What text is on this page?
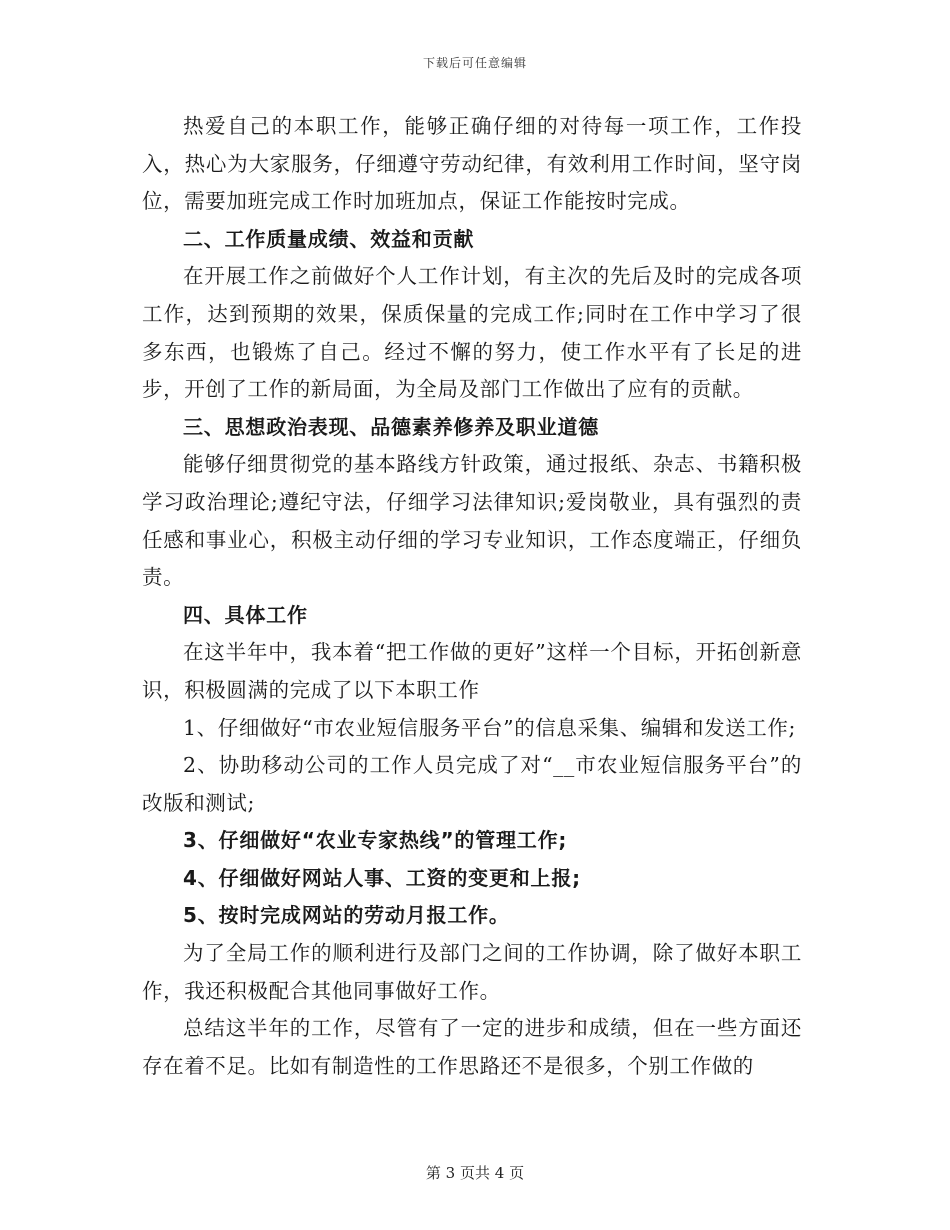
下载后可任意编辑

热爱自己的本职工作，能够正确仔细的对待每一项工作，工作投入，热心为大家服务，仔细遵守劳动纪律，有效利用工作时间，坚守岗位，需要加班完成工作时加班加点，保证工作能按时完成。

二、工作质量成绩、效益和贡献

在开展工作之前做好个人工作计划，有主次的先后及时的完成各项工作，达到预期的效果，保质保量的完成工作;同时在工作中学习了很多东西，也锻炼了自己。经过不懈的努力，使工作水平有了长足的进步，开创了工作的新局面，为全局及部门工作做出了应有的贡献。

三、思想政治表现、品德素养修养及职业道德

能够仔细贯彻党的基本路线方针政策，通过报纸、杂志、书籍积极学习政治理论;遵纪守法，仔细学习法律知识;爱岗敬业，具有强烈的责任感和事业心，积极主动仔细的学习专业知识，工作态度端正，仔细负责。

四、具体工作

在这半年中，我本着“把工作做的更好”这样一个目标，开拓创新意识，积极圆满的完成了以下本职工作

1、仔细做好“市农业短信服务平台”的信息采集、编辑和发送工作;

2、协助移动公司的工作人员完成了对“__市农业短信服务平台”的改版和测试;

3、仔细做好“农业专家热线”的管理工作;

4、仔细做好网站人事、工资的变更和上报;

5、按时完成网站的劳动月报工作。

为了全局工作的顺利进行及部门之间的工作协调，除了做好本职工作，我还积极配合其他同事做好工作。

总结这半年的工作，尽管有了一定的进步和成绩，但在一些方面还存在着不足。比如有制造性的工作思路还不是很多，个别工作做的

第 3 页共 4 页
